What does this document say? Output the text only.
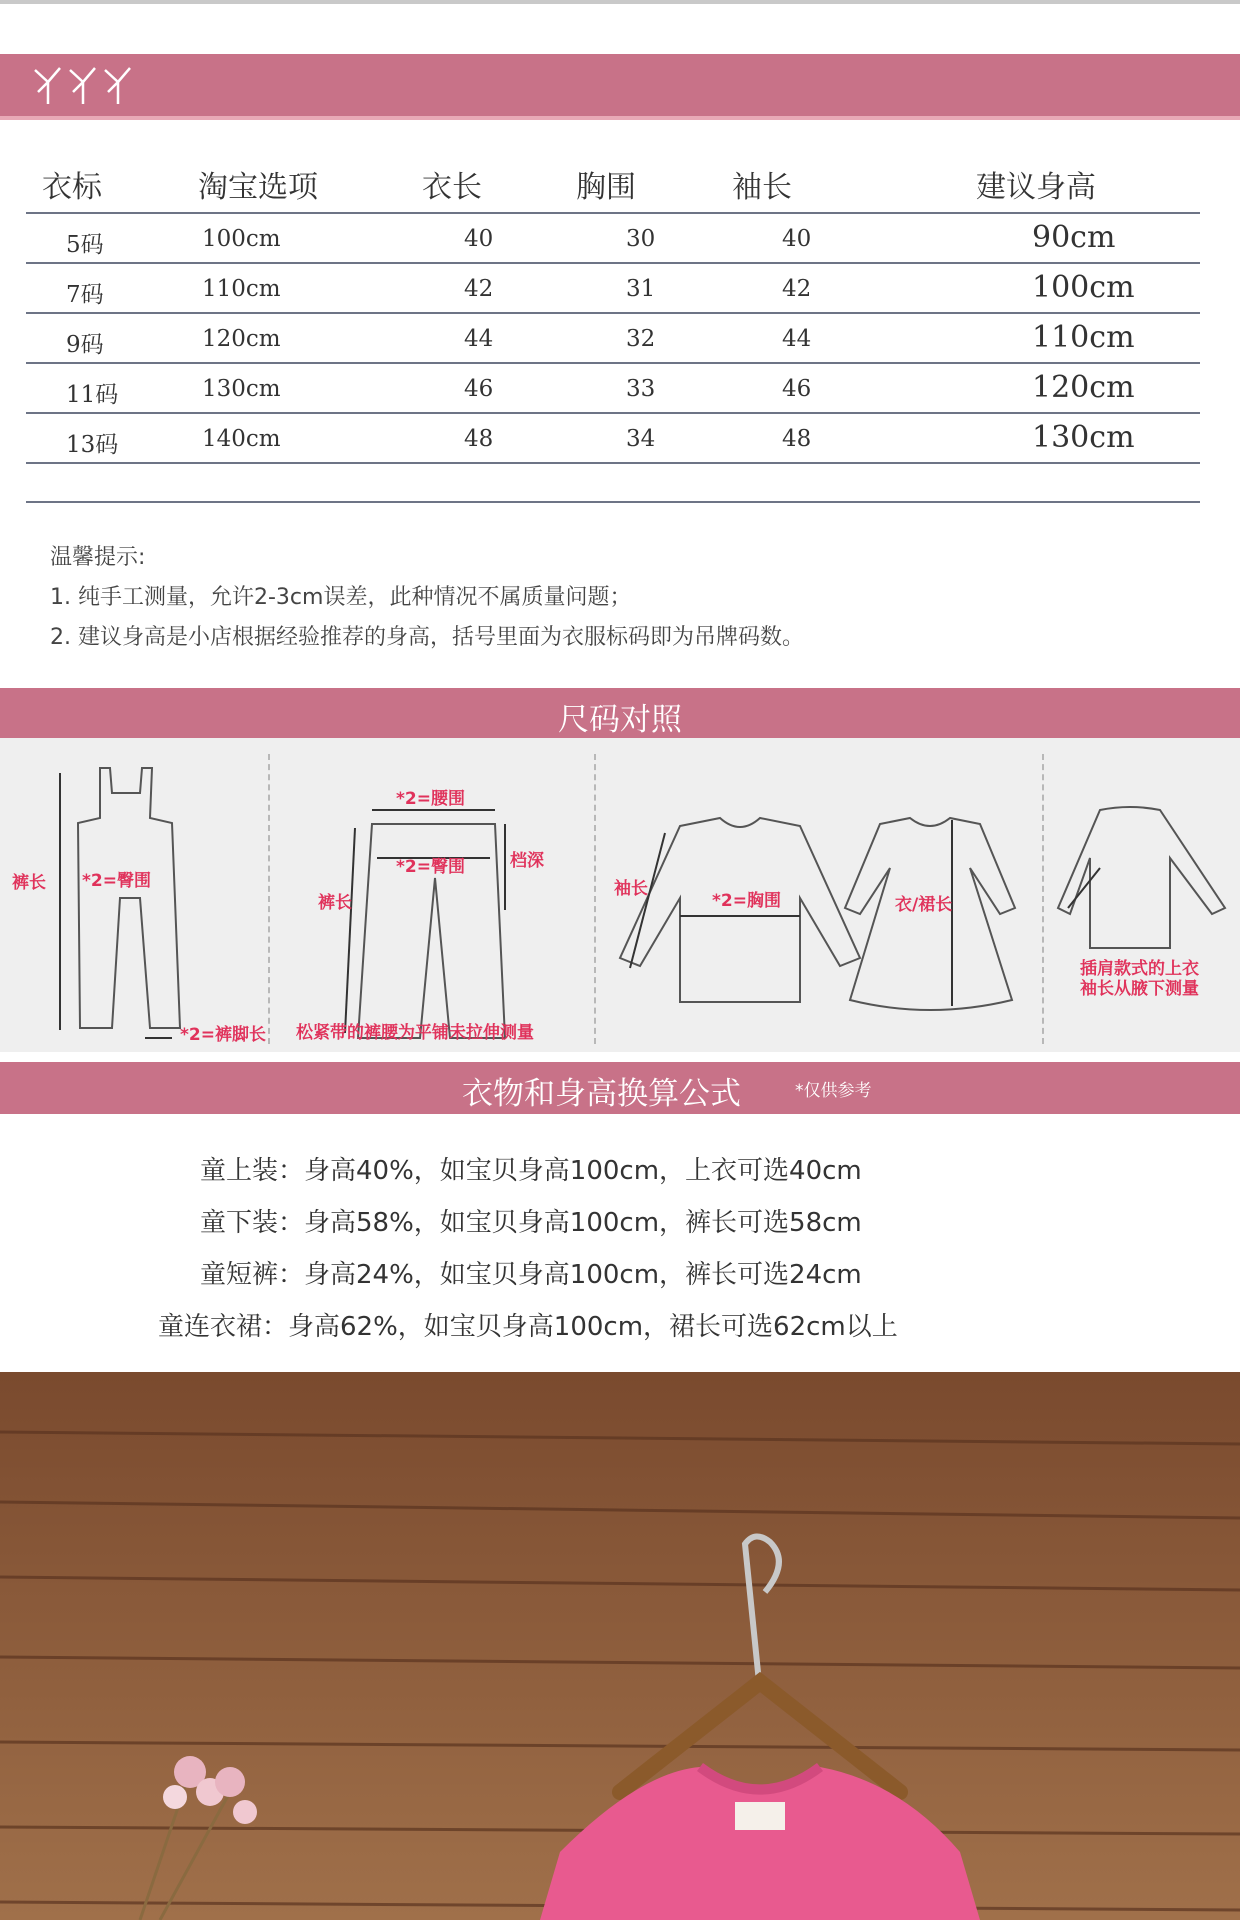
衣标	淘宝选项	衣长	胸围	袖长	建议身高
5码	100cm	40	30	40	90cm
7码	110cm	42	31	42	100cm
9码	120cm	44	32	44	110cm
11码	130cm	46	33	46	120cm
13码	140cm	48	34	48	130cm
温馨提示:
1. 纯手工测量，允许2-3cm误差，此种情况不属质量问题；
2. 建议身高是小店根据经验推荐的身高，括号里面为衣服标码即为吊牌码数。
尺码对照
裤长 *2=臀围
*2=裤脚长
*2=腰围
*2=臀围	档深
裤长
松紧带的裤腰为平铺未拉伸测量
袖长
*2=胸围	衣/裙长
插肩款式的上衣
袖长从腋下测量
衣物和身高换算公式	*仅供参考
童上装：身高40%，如宝贝身高100cm，上衣可选40cm
童下装：身高58%，如宝贝身高100cm，裤长可选58cm
童短裤：身高24%，如宝贝身高100cm，裤长可选24cm
童连衣裙：身高62%，如宝贝身高100cm，裙长可选62cm以上
